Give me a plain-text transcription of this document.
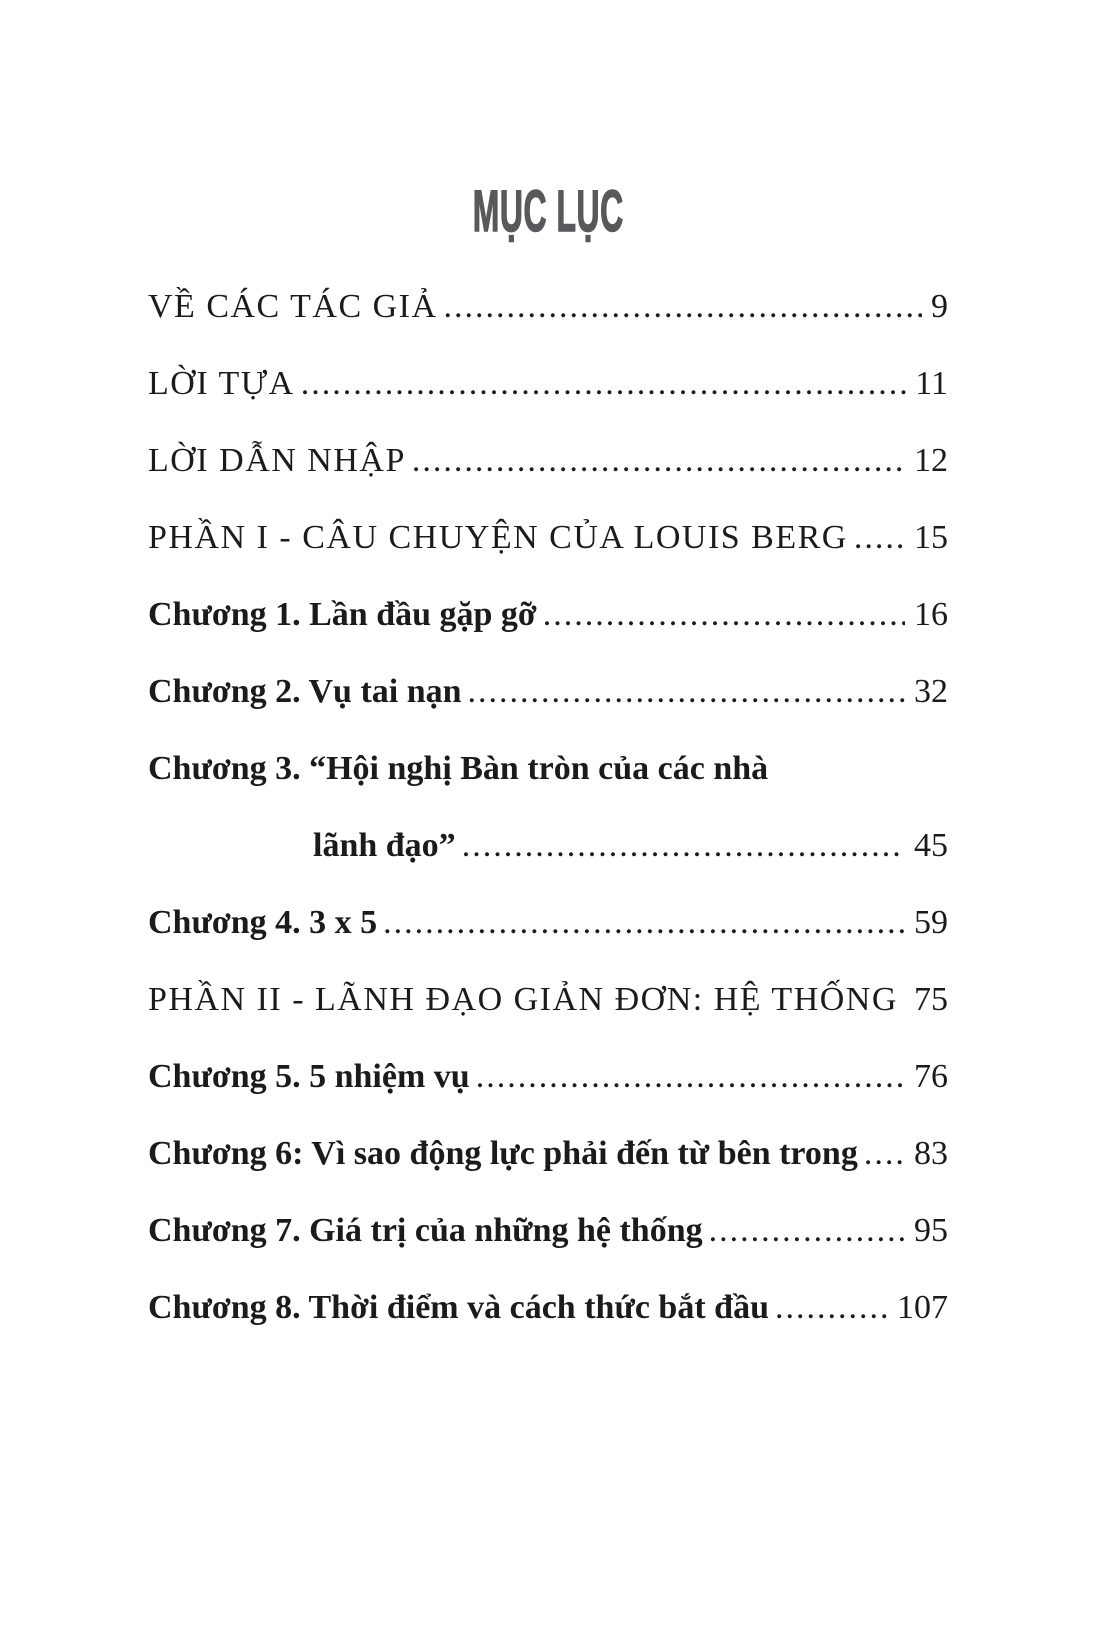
MỤC LỤC
VỀ CÁC TÁC GIẢ .....	9
LỜI TỰA .....	11
LỜI DẪN NHẬP .....	12
PHẦN I - CÂU CHUYỆN CỦA LOUIS BERG ..... 15
Chương 1. Lần đầu gặp gỡ .....	16
Chương 2. Vụ tai nạn .....	32
Chương 3. “Hội nghị Bàn tròn của các nhà
lãnh đạo” .....	45
Chương 4. 3 x 5 .....	59
PHẦN II - LÃNH ĐẠO GIẢN ĐƠN: HỆ THỐNG ..... 75
Chương 5. 5 nhiệm vụ .....	76
Chương 6: Vì sao động lực phải đến từ bên trong ..... 83
Chương 7. Giá trị của những hệ thống .....	95
Chương 8. Thời điểm và cách thức bắt đầu .....	107
